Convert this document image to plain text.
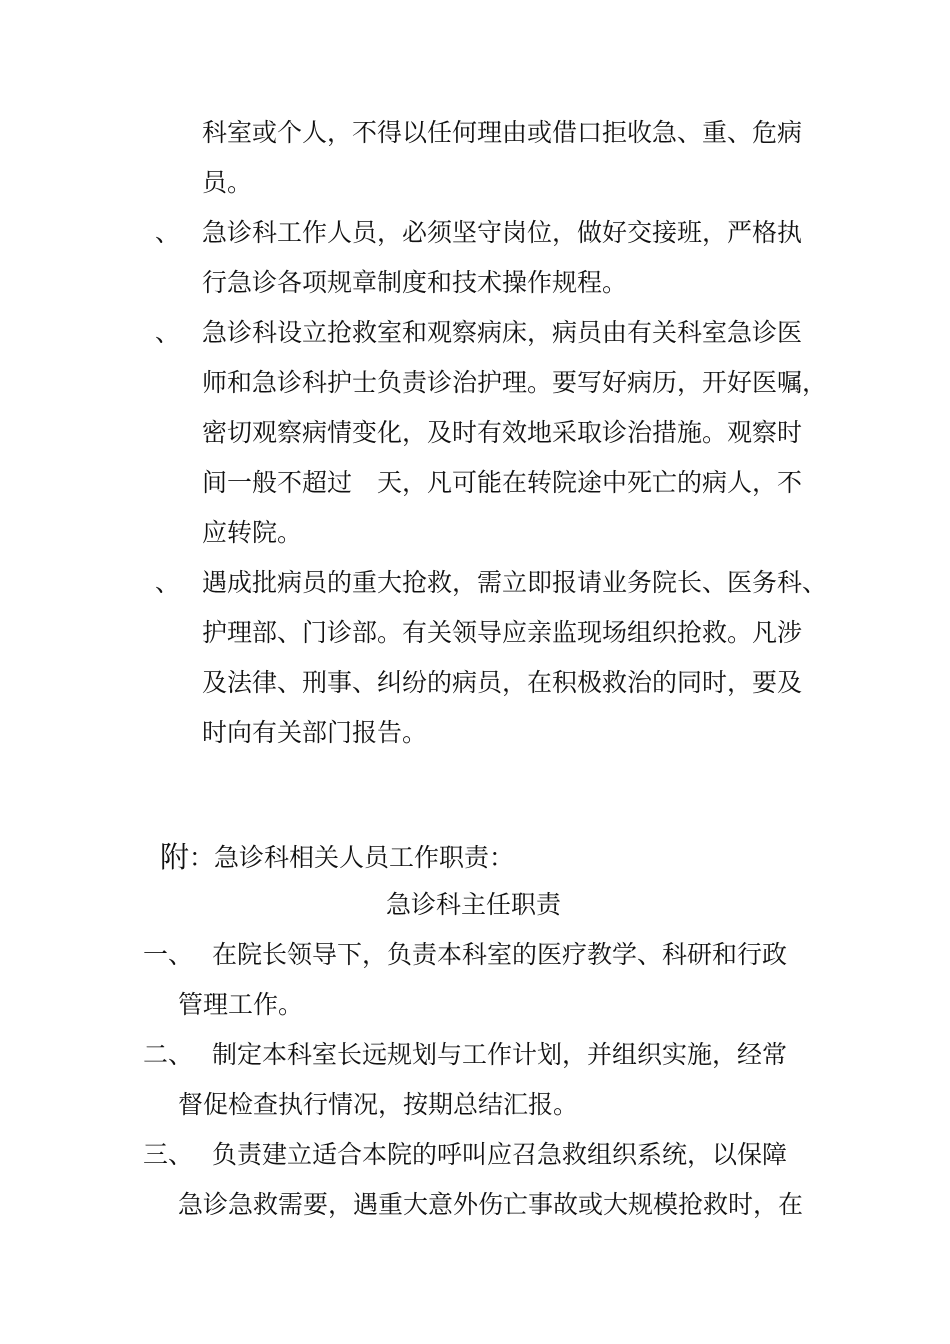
科室或个人，不得以任何理由或借口拒收急、重、危病
员。
、 急诊科工作人员，必须坚守岗位，做好交接班，严格执
行急诊各项规章制度和技术操作规程。
、 急诊科设立抢救室和观察病床，病员由有关科室急诊医
师和急诊科护士负责诊治护理。要写好病历，开好医嘱，
密切观察病情变化，及时有效地采取诊治措施。观察时
间一般不超过　天，凡可能在转院途中死亡的病人，不
应转院。
、 遇成批病员的重大抢救，需立即报请业务院长、医务科、
护理部、门诊部。有关领导应亲监现场组织抢救。凡涉
及法律、刑事、纠纷的病员，在积极救治的同时，要及
时向有关部门报告。
附 ：急诊科相关人员工作职责：
急诊科主任职责
一、 在院长领导下，负责本科室的医疗教学、科研和行政
管理工作。
二、 制定本科室长远规划与工作计划，并组织实施，经常
督促检查执行情况，按期总结汇报。
三、 负责建立适合本院的呼叫应召急救组织系统，以保障
急诊急救需要，遇重大意外伤亡事故或大规模抢救时，在
